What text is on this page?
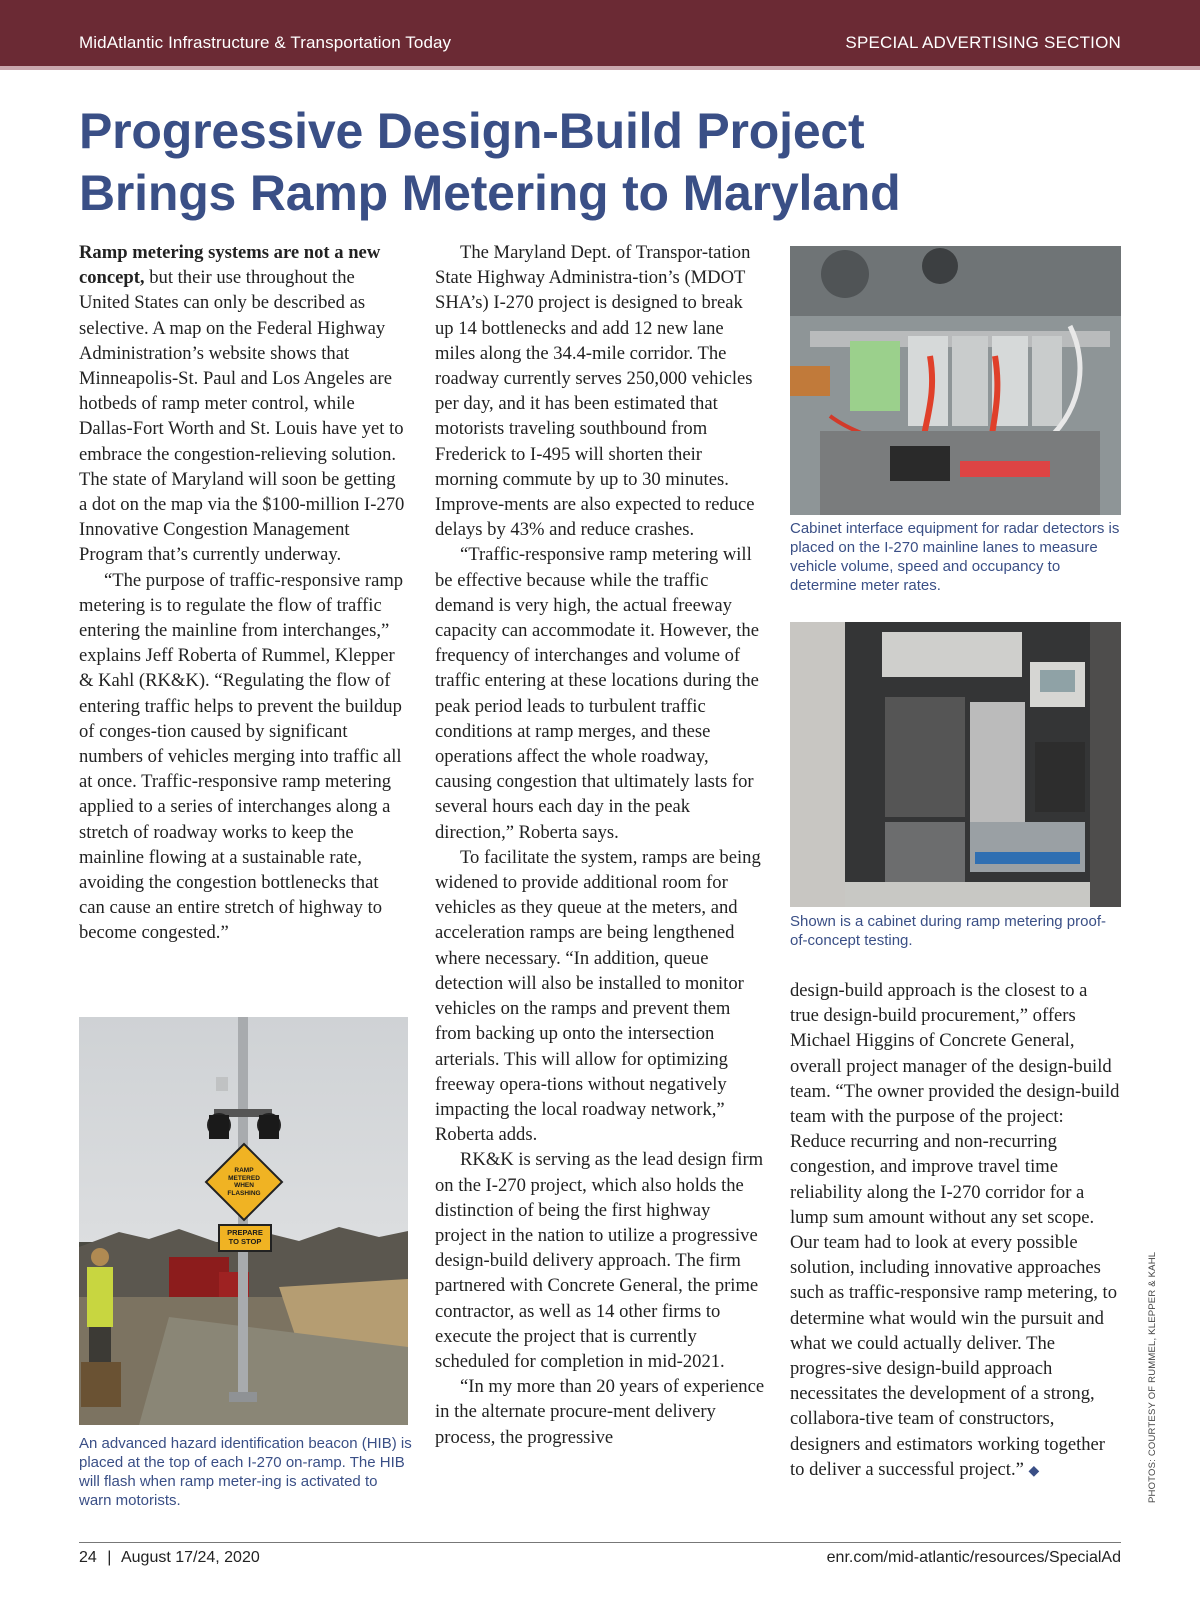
MidAtlantic Infrastructure & Transportation Today	SPECIAL ADVERTISING SECTION
Progressive Design-Build Project
Brings Ramp Metering to Maryland

Ramp metering systems are not a new concept, but their use throughout the United States can only be described as selective. A map on the Federal Highway Administration’s website shows that Minneapolis-St. Paul and Los Angeles are hotbeds of ramp meter control, while Dallas-Fort Worth and St. Louis have yet to embrace the congestion-relieving solution. The state of Maryland will soon be getting a dot on the map via the $100-million I-270 Innovative Congestion Management Program that’s currently underway.

“The purpose of traffic-responsive ramp metering is to regulate the flow of traffic entering the mainline from interchanges,” explains Jeff Roberta of Rummel, Klepper & Kahl (RK&K). “Regulating the flow of entering traffic helps to prevent the buildup of conges-tion caused by significant numbers of vehicles merging into traffic all at once. Traffic-responsive ramp metering applied to a series of interchanges along a stretch of roadway works to keep the mainline flowing at a sustainable rate, avoiding the congestion bottlenecks that can cause an entire stretch of highway to become congested.”

The Maryland Dept. of Transpor-tation State Highway Administra-tion’s (MDOT SHA’s) I-270 project is designed to break up 14 bottlenecks and add 12 new lane miles along the 34.4-mile corridor. The roadway currently serves 250,000 vehicles per day, and it has been estimated that motorists traveling southbound from Frederick to I-495 will shorten their morning commute by up to 30 minutes. Improve-ments are also expected to reduce delays by 43% and reduce crashes.

“Traffic-responsive ramp metering will be effective because while the traffic demand is very high, the actual freeway capacity can accommodate it. However, the frequency of interchanges and volume of traffic entering at these locations during the peak period leads to turbulent traffic conditions at ramp merges, and these operations affect the whole roadway, causing congestion that ultimately lasts for several hours each day in the peak direction,” Roberta says.

To facilitate the system, ramps are being widened to provide additional room for vehicles as they queue at the meters, and acceleration ramps are being lengthened where necessary. “In addition, queue detection will also be installed to monitor vehicles on the ramps and prevent them from backing up onto the intersection arterials. This will allow for optimizing freeway opera-tions without negatively impacting the local roadway network,” Roberta adds.

RK&K is serving as the lead design firm on the I-270 project, which also holds the distinction of being the first highway project in the nation to utilize a progressive design-build delivery approach. The firm partnered with Concrete General, the prime contractor, as well as 14 other firms to execute the project that is currently scheduled for completion in mid-2021.

“In my more than 20 years of experience in the alternate procure-ment delivery process, the progressive

design-build approach is the closest to a true design-build procurement,” offers Michael Higgins of Concrete General, overall project manager of the design-build team. “The owner provided the design-build team with the purpose of the project: Reduce recurring and non-recurring congestion, and improve travel time reliability along the I-270 corridor for a lump sum amount without any set scope. Our team had to look at every possible solution, including innovative approaches such as traffic-responsive ramp metering, to determine what would win the pursuit and what we could actually deliver. The progres-sive design-build approach necessitates the development of a strong, collabora-tive team of constructors, designers and estimators working together to deliver a successful project.” ◆

RAMP METERED WHEN FLASHING
PREPARE TO STOP

An advanced hazard identification beacon (HIB) is placed at the top of each I-270 on-ramp. The HIB will flash when ramp meter-ing is activated to warn motorists.

Cabinet interface equipment for radar detectors is placed on the I-270 mainline lanes to measure vehicle volume, speed and occupancy to determine meter rates.

Shown is a cabinet during ramp metering proof-of-concept testing.

PHOTOS: COURTESY OF RUMMEL, KLEPPER & KAHL
24 | August 17/24, 2020	enr.com/mid-atlantic/resources/SpecialAd
